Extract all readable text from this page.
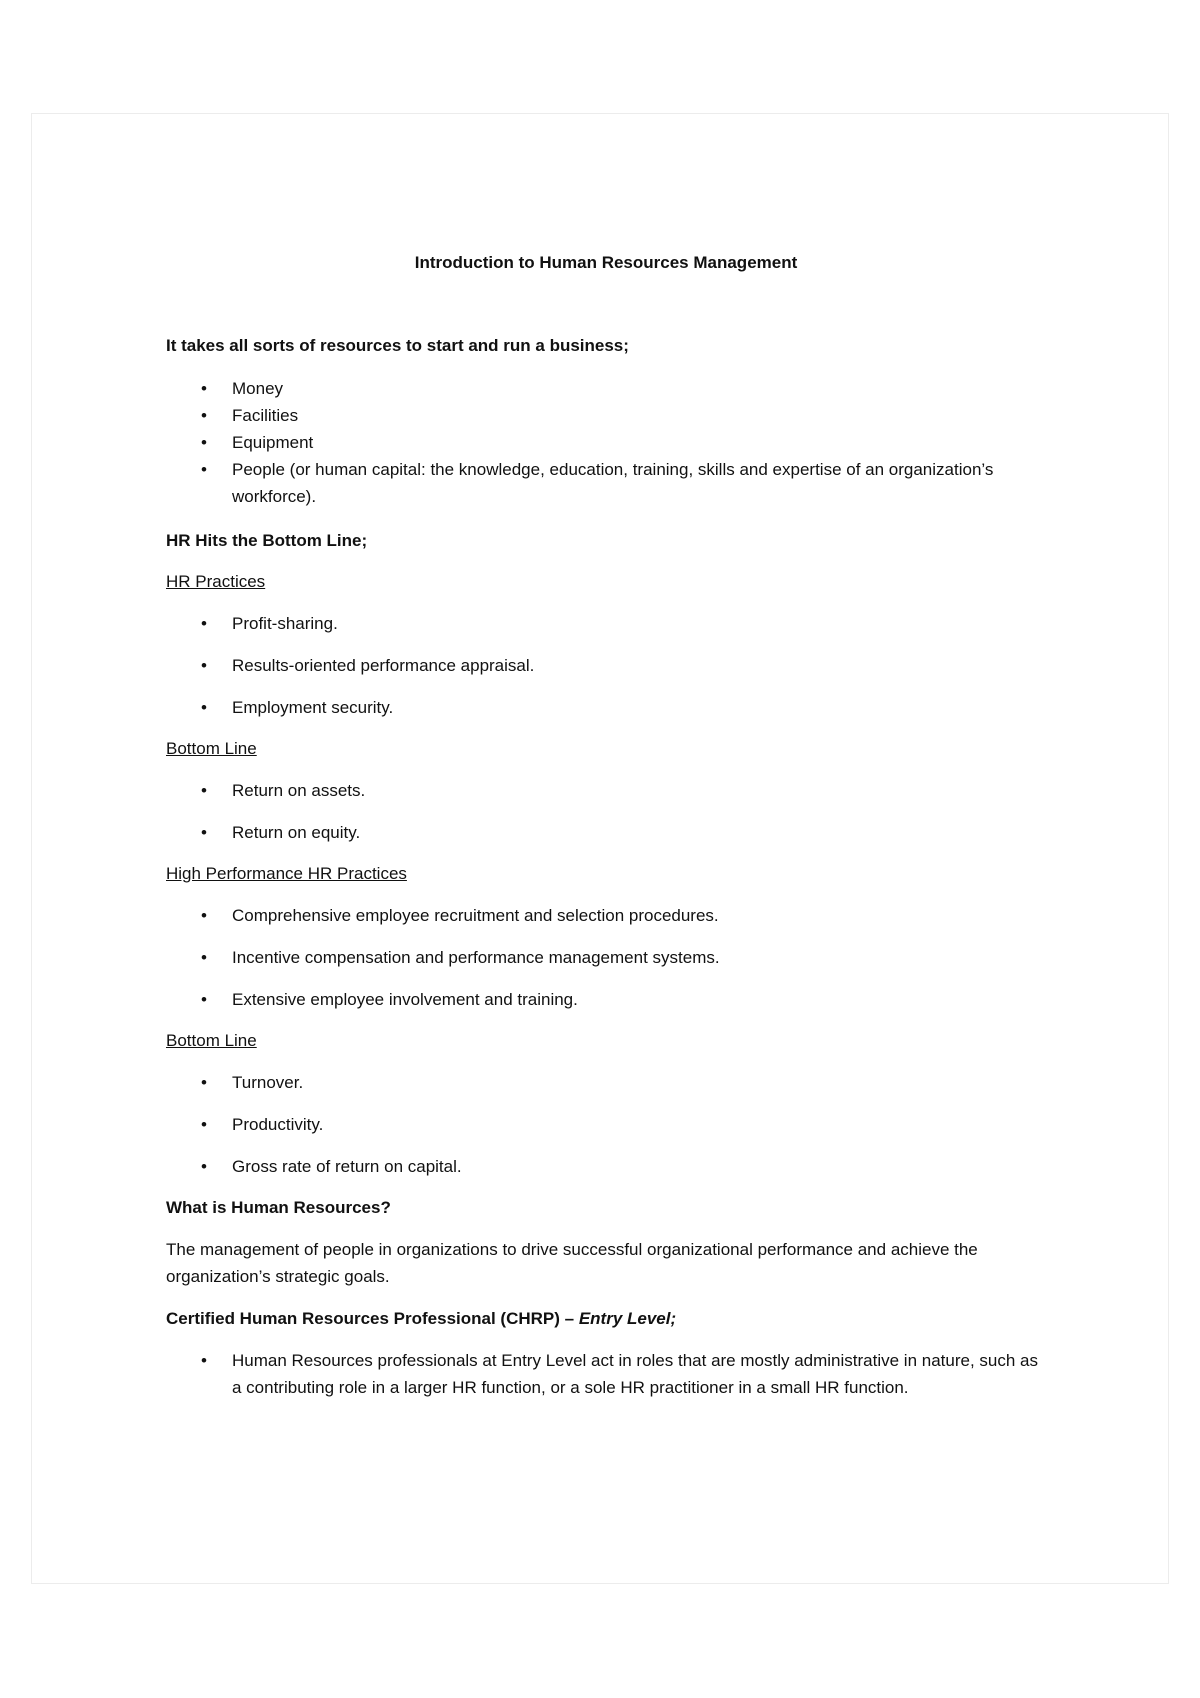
Introduction to Human Resources Management

It takes all sorts of resources to start and run a business;

• Money
• Facilities
• Equipment
• People (or human capital: the knowledge, education, training, skills and expertise of an organization’s workforce).

HR Hits the Bottom Line;

HR Practices

• Profit-sharing.
• Results-oriented performance appraisal.
• Employment security.

Bottom Line

• Return on assets.
• Return on equity.

High Performance HR Practices

• Comprehensive employee recruitment and selection procedures.
• Incentive compensation and performance management systems.
• Extensive employee involvement and training.

Bottom Line

• Turnover.
• Productivity.
• Gross rate of return on capital.

What is Human Resources?

The management of people in organizations to drive successful organizational performance and achieve the organization’s strategic goals.

Certified Human Resources Professional (CHRP) – Entry Level;

• Human Resources professionals at Entry Level act in roles that are mostly administrative in nature, such as a contributing role in a larger HR function, or a sole HR practitioner in a small HR function.
